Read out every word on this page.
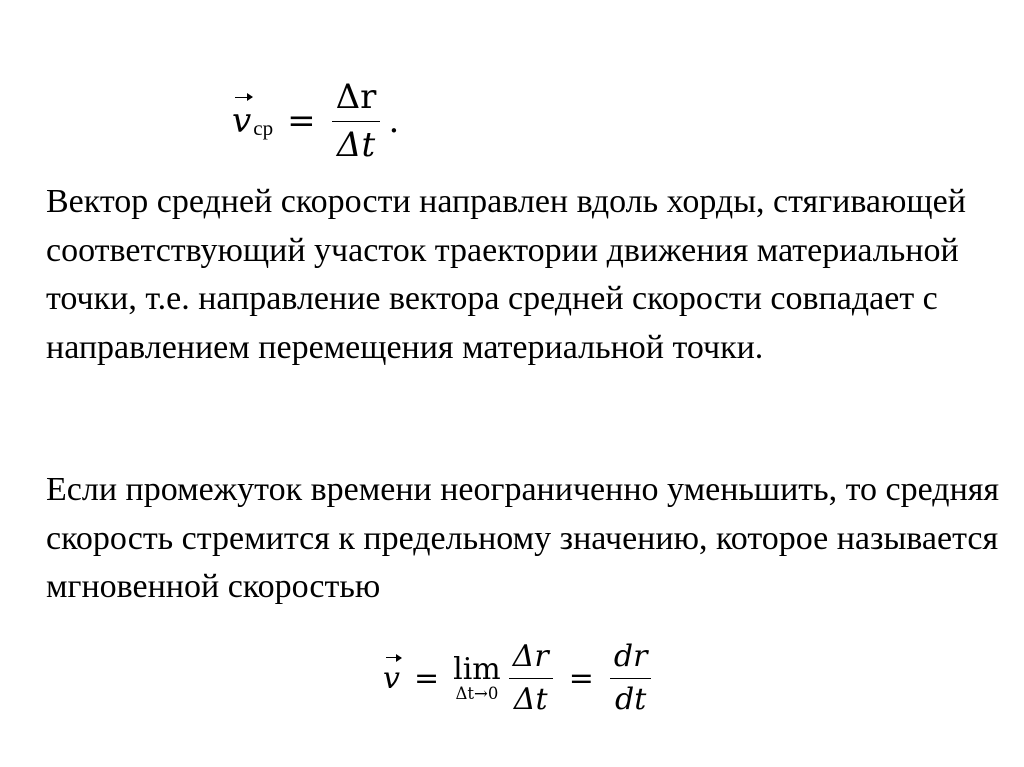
v ср = $\frac{\Delta r}{\Delta t}$ .

Вектор средней скорости направлен вдоль хорды, стягивающей соответствующий участок траектории движения материальной точки, т.е. направление вектора средней скорости совпадает с направлением перемещения материальной точки.

Если промежуток времени неограниченно уменьшить, то средняя скорость стремится к предельному значению, которое называется мгновенной скоростью

v = lim
$\Delta t\to 0 \frac{\Delta r}{\Delta t} = \frac{dr}{dt}$
